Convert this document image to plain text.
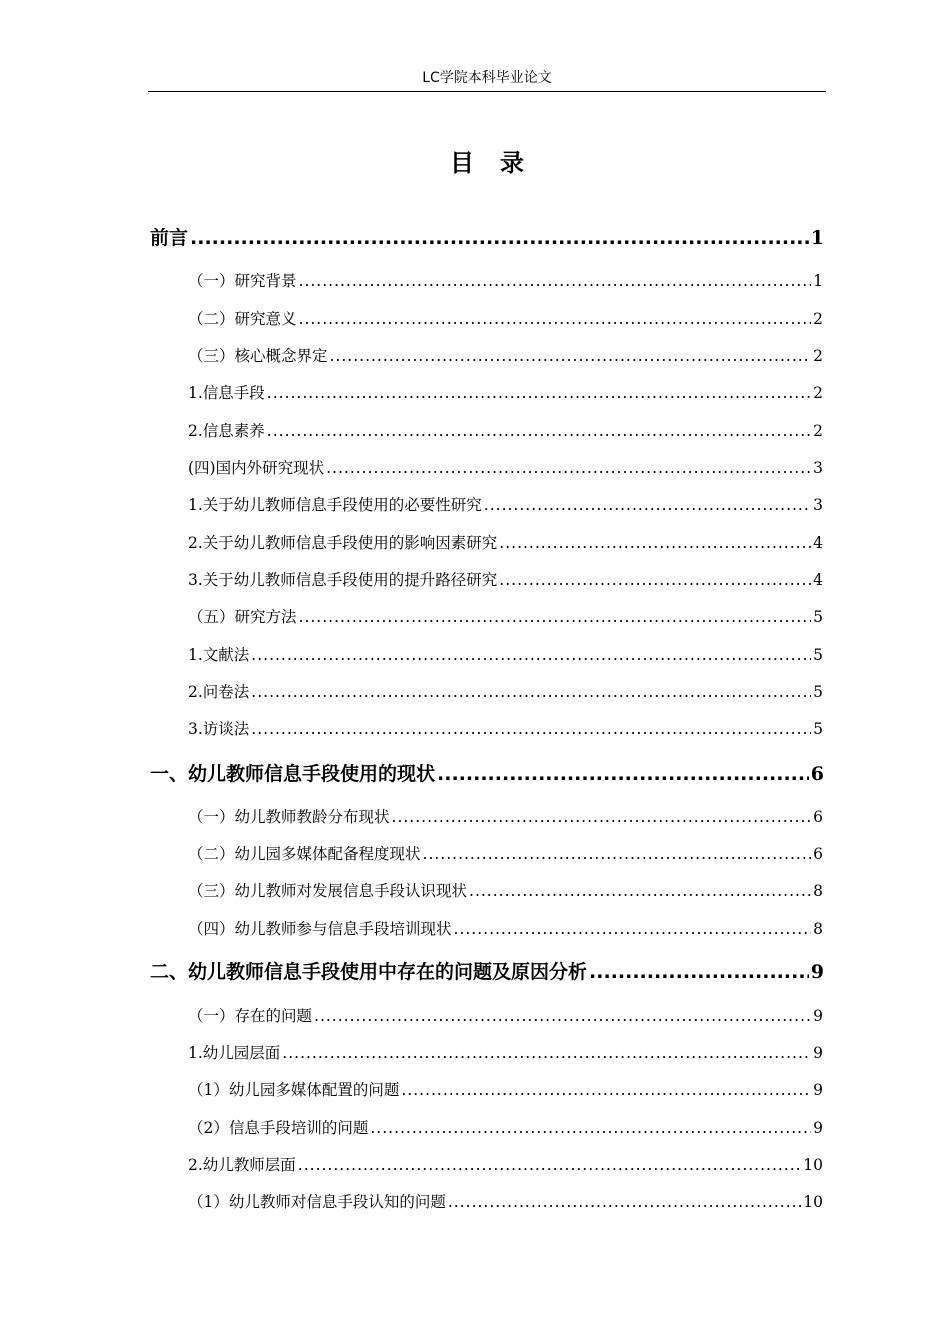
LC学院本科毕业论文
目录
前言 .....	1
（一）研究背景 .....	1
（二）研究意义 .....	2
（三）核心概念界定 .....	2
1.信息手段 .....	2
2.信息素养 .....	2
(四)国内外研究现状 .....	3
1.关于幼儿教师信息手段使用的必要性研究 .....	3
2.关于幼儿教师信息手段使用的影响因素研究 .....	4
3.关于幼儿教师信息手段使用的提升路径研究 .....	4
（五）研究方法 .....	5
1.文献法 .....	5
2.问卷法 .....	5
3.访谈法 .....	5
一、幼儿教师信息手段使用的现状 .....	6
（一）幼儿教师教龄分布现状 .....	6
（二）幼儿园多媒体配备程度现状 .....	6
（三）幼儿教师对发展信息手段认识现状 .....	8
（四）幼儿教师参与信息手段培训现状 .....	8
二、幼儿教师信息手段使用中存在的问题及原因分析 .....	9
（一）存在的问题 .....	9
1.幼儿园层面 .....	9
（1）幼儿园多媒体配置的问题 .....	9
（2）信息手段培训的问题 .....	9
2.幼儿教师层面 .....	10
（1）幼儿教师对信息手段认知的问题 .....	10
